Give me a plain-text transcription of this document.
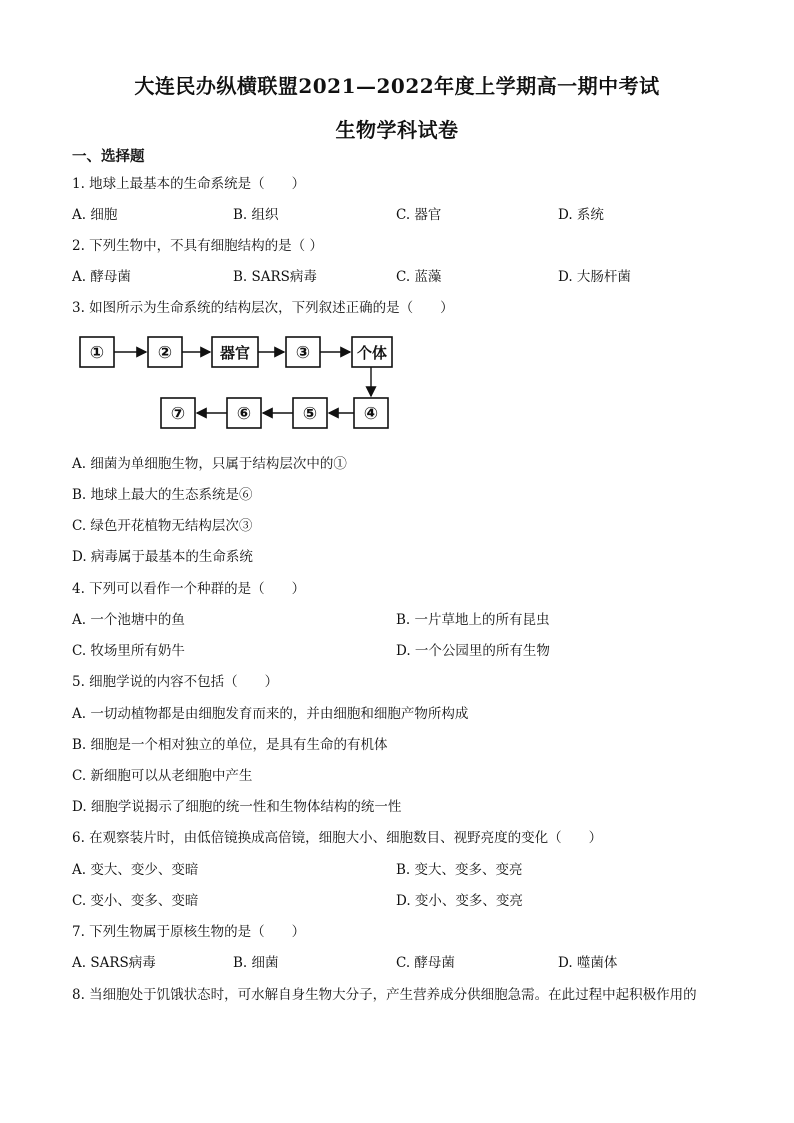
大连民办纵横联盟2021—2022年度上学期高一期中考试
生物学科试卷
一、选择题
1. 地球上最基本的生命系统是（　　）
A. 细胞	B. 组织	C. 器官	D. 系统
2. 下列生物中，不具有细胞结构的是（ ）
A. 酵母菌	B. SARS病毒	C. 蓝藻	D. 大肠杆菌
3. 如图所示为生命系统的结构层次，下列叙述正确的是（　　）
①	②	器官	③	个体
⑦	⑥	⑤	④
A. 细菌为单细胞生物，只属于结构层次中的①
B. 地球上最大的生态系统是⑥
C. 绿色开花植物无结构层次③
D. 病毒属于最基本的生命系统
4. 下列可以看作一个种群的是（　　）
A. 一个池塘中的鱼	B. 一片草地上的所有昆虫
C. 牧场里所有奶牛	D. 一个公园里的所有生物
5. 细胞学说的内容不包括（　　）
A. 一切动植物都是由细胞发育而来的，并由细胞和细胞产物所构成
B. 细胞是一个相对独立的单位，是具有生命的有机体
C. 新细胞可以从老细胞中产生
D. 细胞学说揭示了细胞的统一性和生物体结构的统一性
6. 在观察装片时，由低倍镜换成高倍镜，细胞大小、细胞数目、视野亮度的变化（　　）
A. 变大、变少、变暗	B. 变大、变多、变亮
C. 变小、变多、变暗	D. 变小、变多、变亮
7. 下列生物属于原核生物的是（　　）
A. SARS病毒	B. 细菌	C. 酵母菌	D. 噬菌体
8. 当细胞处于饥饿状态时，可水解自身生物大分子，产生营养成分供细胞急需。在此过程中起积极作用的
